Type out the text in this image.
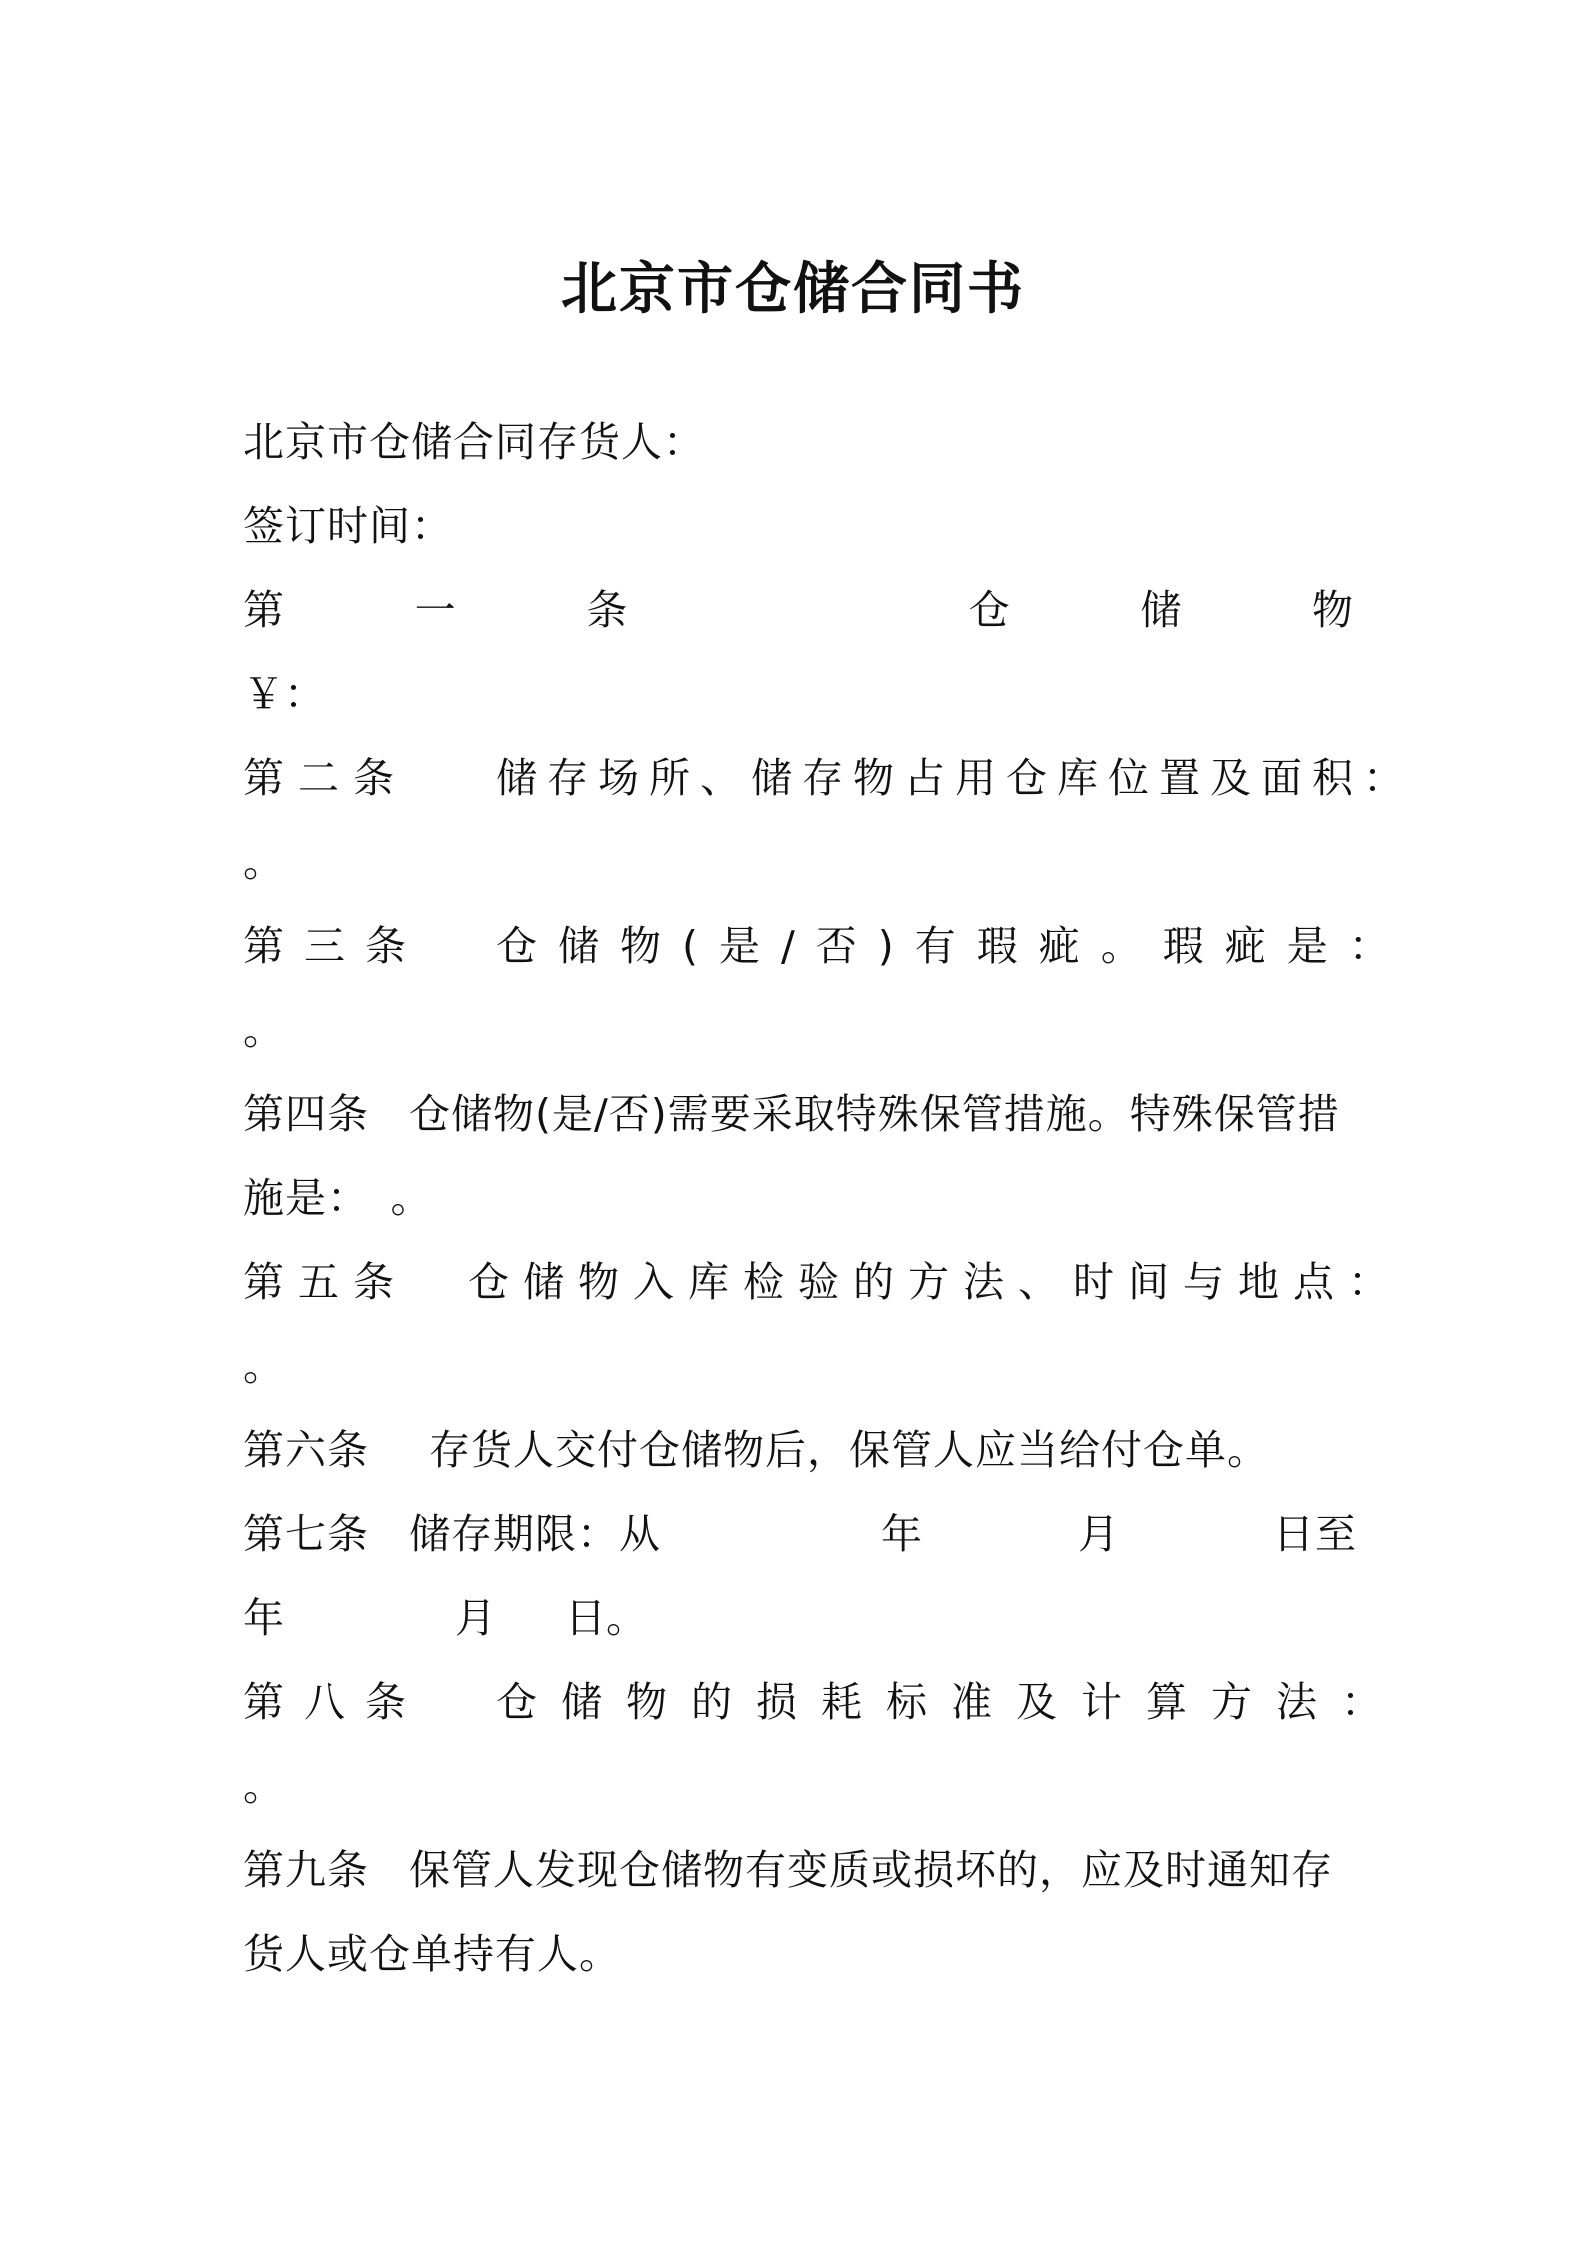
北京市仓储合同书
北京市仓储合同存货人：
签订时间：
第	一	条	仓	储	物
￥：
第二条 储存场所、储存物占用仓库位置及面积：
。
第三条 仓储物(是/否)有瑕疵。瑕疵是：
。
第四条 仓储物(是/否)需要采取特殊保管措施。特殊保管措
施是：　。
第五条 仓储物入库检验的方法、时间与地点：
。
第六条 存货人交付仓储物后，保管人应当给付仓单。
第七条 储存期限：从	年	月	日至
年	月 日。
第八条 仓储物的损耗标准及计算方法：
。
第九条 保管人发现仓储物有变质或损坏的，应及时通知存
货人或仓单持有人。
